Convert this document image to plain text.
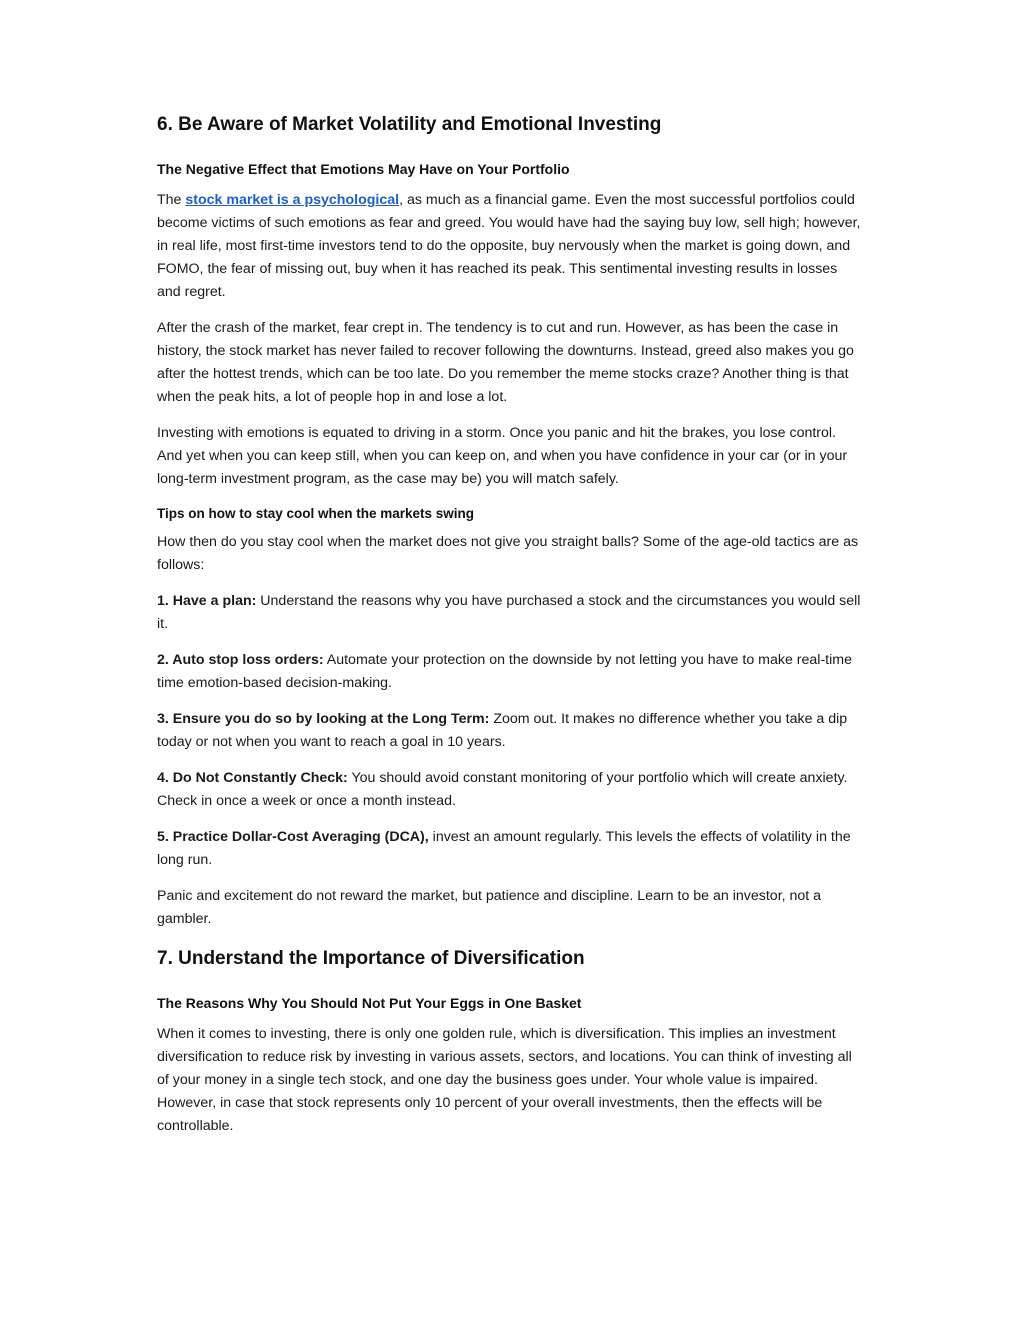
6. Be Aware of Market Volatility and Emotional Investing
The Negative Effect that Emotions May Have on Your Portfolio

The stock market is a psychological, as much as a financial game. Even the most successful portfolios could become victims of such emotions as fear and greed. You would have had the saying buy low, sell high; however, in real life, most first-time investors tend to do the opposite, buy nervously when the market is going down, and FOMO, the fear of missing out, buy when it has reached its peak. This sentimental investing results in losses and regret.

After the crash of the market, fear crept in. The tendency is to cut and run. However, as has been the case in history, the stock market has never failed to recover following the downturns. Instead, greed also makes you go after the hottest trends, which can be too late. Do you remember the meme stocks craze? Another thing is that when the peak hits, a lot of people hop in and lose a lot.

Investing with emotions is equated to driving in a storm. Once you panic and hit the brakes, you lose control. And yet when you can keep still, when you can keep on, and when you have confidence in your car (or in your long-term investment program, as the case may be) you will match safely.

Tips on how to stay cool when the markets swing

How then do you stay cool when the market does not give you straight balls? Some of the age-old tactics are as follows:

1. Have a plan: Understand the reasons why you have purchased a stock and the circumstances you would sell it.

2. Auto stop loss orders: Automate your protection on the downside by not letting you have to make real-time time emotion-based decision-making.

3. Ensure you do so by looking at the Long Term: Zoom out. It makes no difference whether you take a dip today or not when you want to reach a goal in 10 years.

4. Do Not Constantly Check: You should avoid constant monitoring of your portfolio which will create anxiety. Check in once a week or once a month instead.

5. Practice Dollar-Cost Averaging (DCA), invest an amount regularly. This levels the effects of volatility in the long run.

Panic and excitement do not reward the market, but patience and discipline. Learn to be an investor, not a gambler.

7. Understand the Importance of Diversification
The Reasons Why You Should Not Put Your Eggs in One Basket

When it comes to investing, there is only one golden rule, which is diversification. This implies an investment diversification to reduce risk by investing in various assets, sectors, and locations. You can think of investing all of your money in a single tech stock, and one day the business goes under. Your whole value is impaired. However, in case that stock represents only 10 percent of your overall investments, then the effects will be controllable.
